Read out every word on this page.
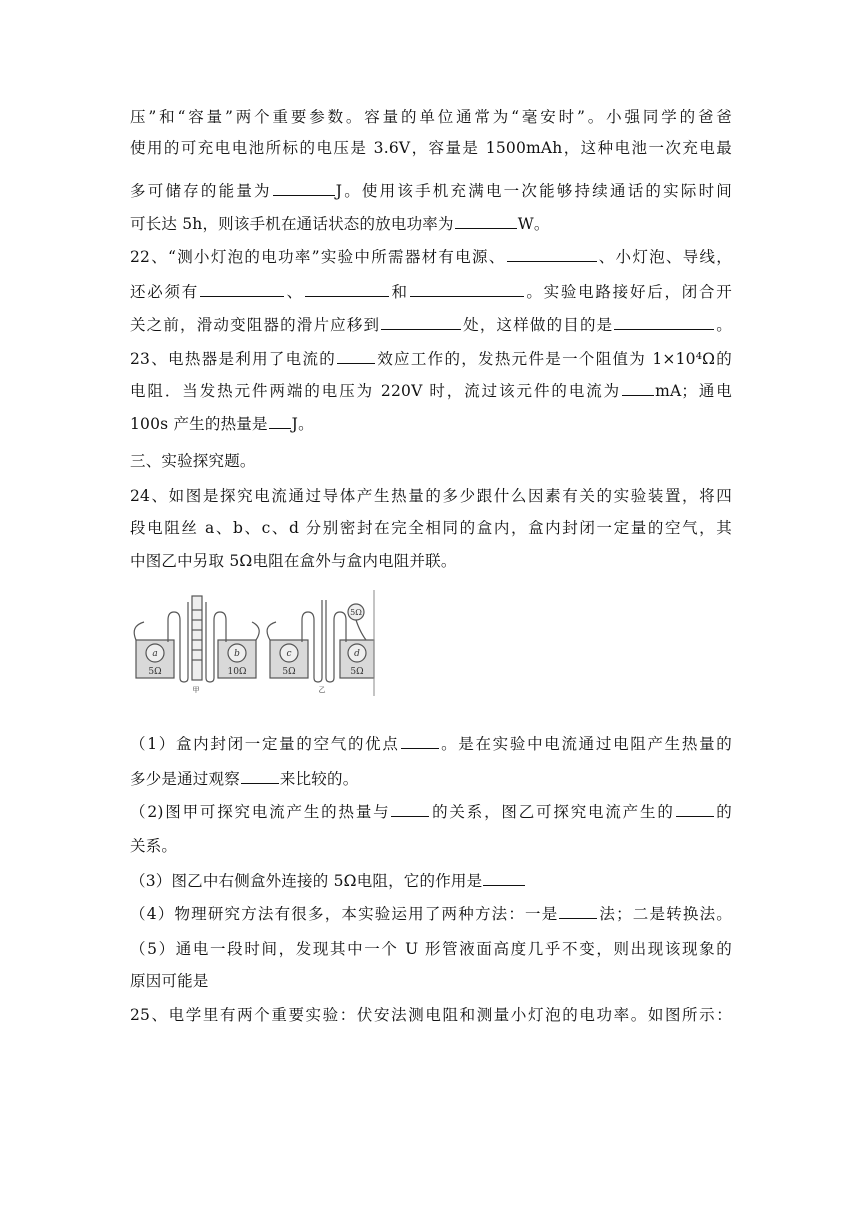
压”和“容量”两个重要参数。容量的单位通常为“毫安时”。小强同学的爸爸
使用的可充电电池所标的电压是 3.6V，容量是 1500mAh，这种电池一次充电最
多可储存的能量为	J。使用该手机充满电一次能够持续通话的实际时间
可长达 5h，则该手机在通话状态的放电功率为	W。
22、“测小灯泡的电功率”实验中所需器材有电源、	、小灯泡、导线，
还必须有	、	和	。实验电路接好后，闭合开
关之前，滑动变阻器的滑片应移到	处，这样做的目的是	。
23、电热器是利用了电流的	效应工作的，发热元件是一个阻值为 1×10⁴Ω的
电阻．当发热元件两端的电压为 220V 时，流过该元件的电流为 mA；通电
100s 产生的热量是 J。
三、实验探究题。
24、如图是探究电流通过导体产生热量的多少跟什么因素有关的实验装置，将四
段电阻丝 a、b、c、d 分别密封在完全相同的盒内，盒内封闭一定量的空气，其
中图乙中另取 5Ω电阻在盒外与盒内电阻并联。
a
5Ω
b
10Ω
c
5Ω
d
5Ω
5Ω
甲	乙
（1）盒内封闭一定量的空气的优点	。是在实验中电流通过电阻产生热量的
多少是通过观察	来比较的。
（2)图甲可探究电流产生的热量与	的关系，图乙可探究电流产生的	的
关系。
（3）图乙中右侧盒外连接的 5Ω电阻，它的作用是
（4）物理研究方法有很多，本实验运用了两种方法：一是	法；二是转换法。
（5）通电一段时间，发现其中一个 U 形管液面高度几乎不变，则出现该现象的
原因可能是
25、电学里有两个重要实验：伏安法测电阻和测量小灯泡的电功率。如图所示：
